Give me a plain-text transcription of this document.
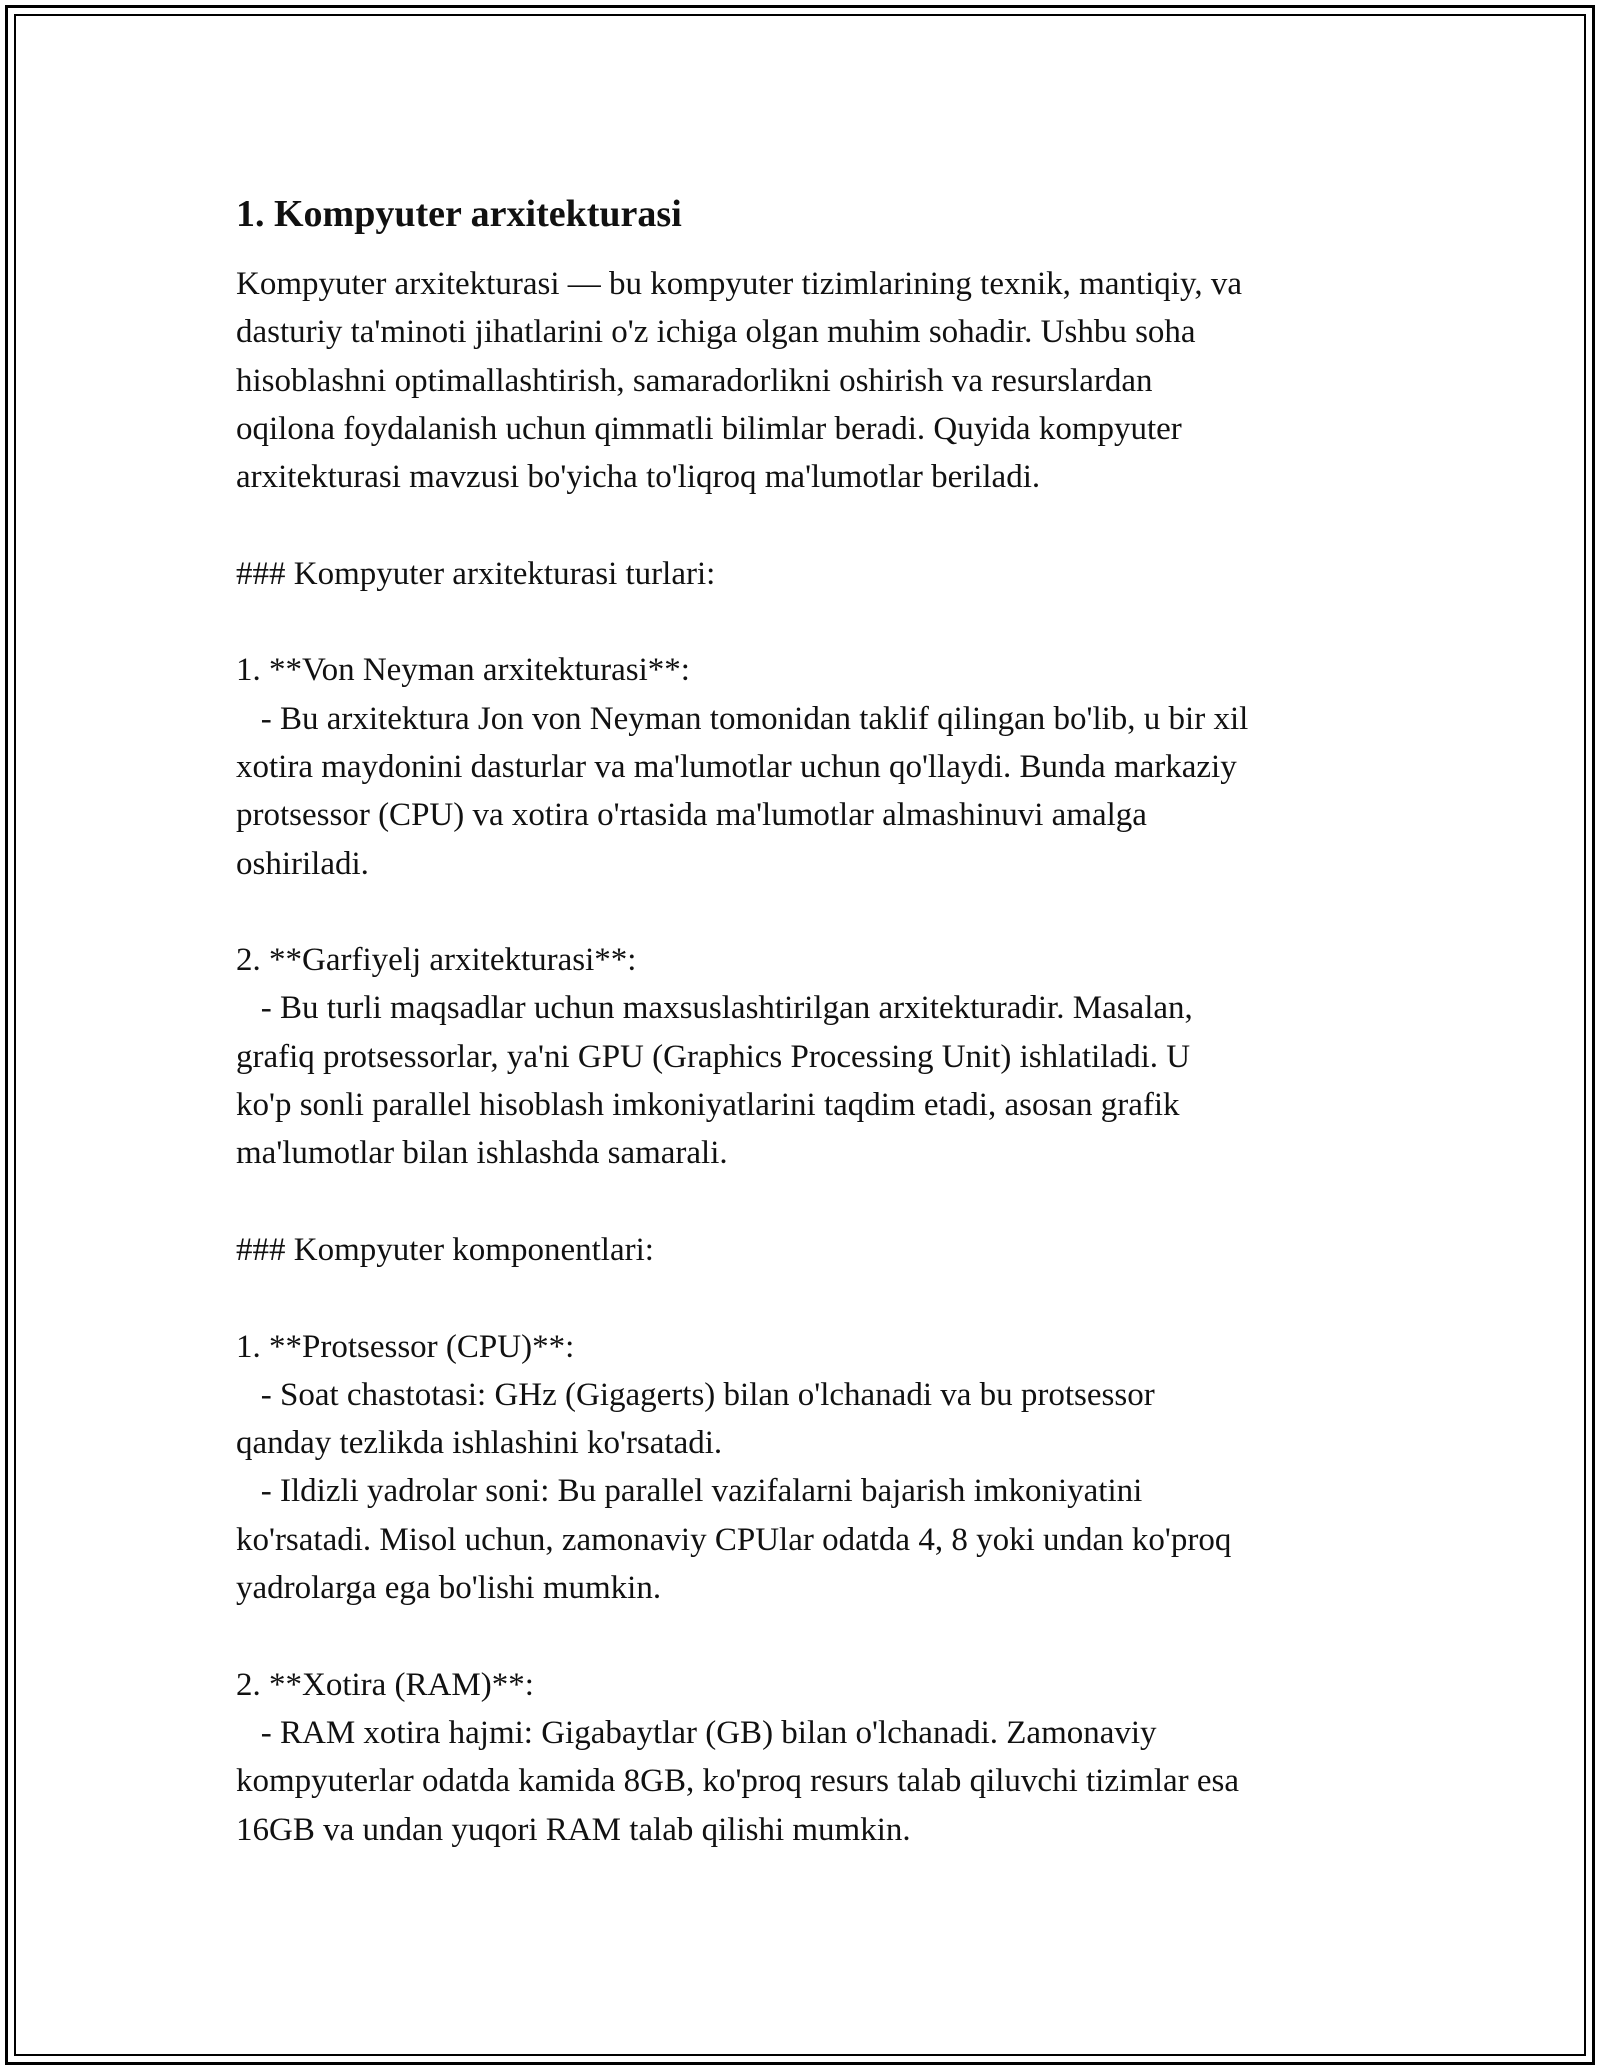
1. Kompyuter arxitekturasi
Kompyuter arxitekturasi — bu kompyuter tizimlarining texnik, mantiqiy, va
dasturiy ta'minoti jihatlarini o'z ichiga olgan muhim sohadir. Ushbu soha
hisoblashni optimallashtirish, samaradorlikni oshirish va resurslardan
oqilona foydalanish uchun qimmatli bilimlar beradi. Quyida kompyuter
arxitekturasi mavzusi bo'yicha to'liqroq ma'lumotlar beriladi.
### Kompyuter arxitekturasi turlari:
1. **Von Neyman arxitekturasi**:
- Bu arxitektura Jon von Neyman tomonidan taklif qilingan bo'lib, u bir xil
xotira maydonini dasturlar va ma'lumotlar uchun qo'llaydi. Bunda markaziy
protsessor (CPU) va xotira o'rtasida ma'lumotlar almashinuvi amalga
oshiriladi.
2. **Garfiyelj arxitekturasi**:
- Bu turli maqsadlar uchun maxsuslashtirilgan arxitekturadir. Masalan,
grafiq protsessorlar, ya'ni GPU (Graphics Processing Unit) ishlatiladi. U
ko'p sonli parallel hisoblash imkoniyatlarini taqdim etadi, asosan grafik
ma'lumotlar bilan ishlashda samarali.
### Kompyuter komponentlari:
1. **Protsessor (CPU)**:
- Soat chastotasi: GHz (Gigagerts) bilan o'lchanadi va bu protsessor
qanday tezlikda ishlashini ko'rsatadi.
- Ildizli yadrolar soni: Bu parallel vazifalarni bajarish imkoniyatini
ko'rsatadi. Misol uchun, zamonaviy CPUlar odatda 4, 8 yoki undan ko'proq
yadrolarga ega bo'lishi mumkin.
2. **Xotira (RAM)**:
- RAM xotira hajmi: Gigabaytlar (GB) bilan o'lchanadi. Zamonaviy
kompyuterlar odatda kamida 8GB, ko'proq resurs talab qiluvchi tizimlar esa
16GB va undan yuqori RAM talab qilishi mumkin.
